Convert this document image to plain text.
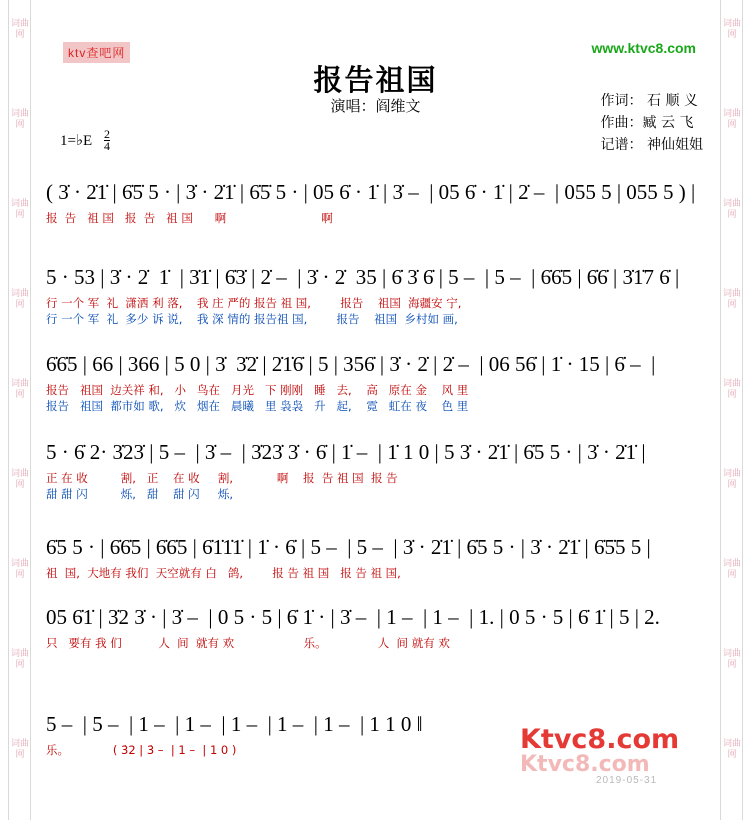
词曲网
词曲网
词曲网
词曲网
词曲网
词曲网
词曲网
词曲网
词曲网
词曲网
词曲网
词曲网
词曲网
词曲网
词曲网
词曲网
词曲网
词曲网
ktv查吧网	www.ktvc8.com
报告祖国
演唱：阎维文	作词： 石 顺 义
作曲：臧 云 飞
记谱： 神仙姐姐
1=♭E $\frac{2}{4}$
( 3̇ · 2̇1̇ | 6̇5̇ 5 · | 3̇ · 2̇1̇ | 6̇5̇ 5 · | 05 6̇ · 1̇ | 3̇ –  | 05 6̇ · 1̇ | 2̇ –  | 055 5 | 055 5 ) |
报  告   祖 国   报  告   祖 国      啊                          啊
5 · 53 | 3̇ · 2̇  1̇  | 3̇1̇ | 6̇3̇ | 2̇ –  | 3̇ · 2̇  35 | 6̇ 3̇ 6̇ | 5 –  | 5 –  | 6̇6̇5 | 6̇6̇ | 3̇1̇7 6̇ |
行 一个 军  礼  潇洒 利 落,    我 庄 严的 报告 祖 国,        报告    祖国  海疆安 宁,
行 一个 军  礼  多少 诉 说,    我 深 情的 报告祖 国,        报告    祖国  乡村如 画,
6̇6̇5 | 66 | 366 | 5 0 | 3̇  3̇2̇ | 2̇1̇6̇ | 5 | 356̇ | 3̇ · 2̇ | 2̇ –  | 06 56̇ | 1̇ · 15 | 6̇ –  |
报告   祖国  边关祥 和,   小   鸟在   月光   下 刚刚   睡   去,    高   原在 金    风 里
报告   祖国  都市如 歌,   炊   烟在   晨曦   里 袅袅   升   起,    霓   虹在 夜    色 里
5 · 6̇ 2· 3̇23̇ | 5 –  | 3̇ –  | 3̇23̇ 3̇ · 6̇ | 1̇ –  | 1̇ 1 0 | 5 3̇ · 2̇1̇ | 6̇5 5 · | 3̇ · 2̇1̇ |
正 在 收         割,   正    在 收     割,            啊    报  告 祖 国  报 告
甜 甜 闪         烁,   甜    甜 闪     烁,
6̇5 5 · | 6̇6̇5 | 6̇6̇5 | 6̇1̇1̇1̇ | 1̇ · 6̇ | 5 –  | 5 –  | 3̇ · 2̇1̇ | 6̇5 5 · | 3̇ · 2̇1̇ | 6̇5̇5 5 |
祖  国,  大地有 我们  天空就有 白   鸽,        报 告 祖 国   报 告 祖 国,
05 6̇1̇ | 3̇2 3̇ · | 3̇ –  | 0 5 · 5 | 6̇ 1̇ · | 3̇ –  | 1 –  | 1 –  | 1. | 0 5 · 5 | 6̇ 1̇ | 5 | 2.
只   要有 我 们          人  间  就有 欢                   乐。              人  间 就有 欢
5 –  | 5 –  | 1 –  | 1 –  | 1 –  | 1 –  | 1 –  | 1 1 0 ‖
乐。            ( 3̇2 | 3̇ –  | 1 –  | 1 0 )	Ktvc8.com
Ktvc8.com
2019-05-31
